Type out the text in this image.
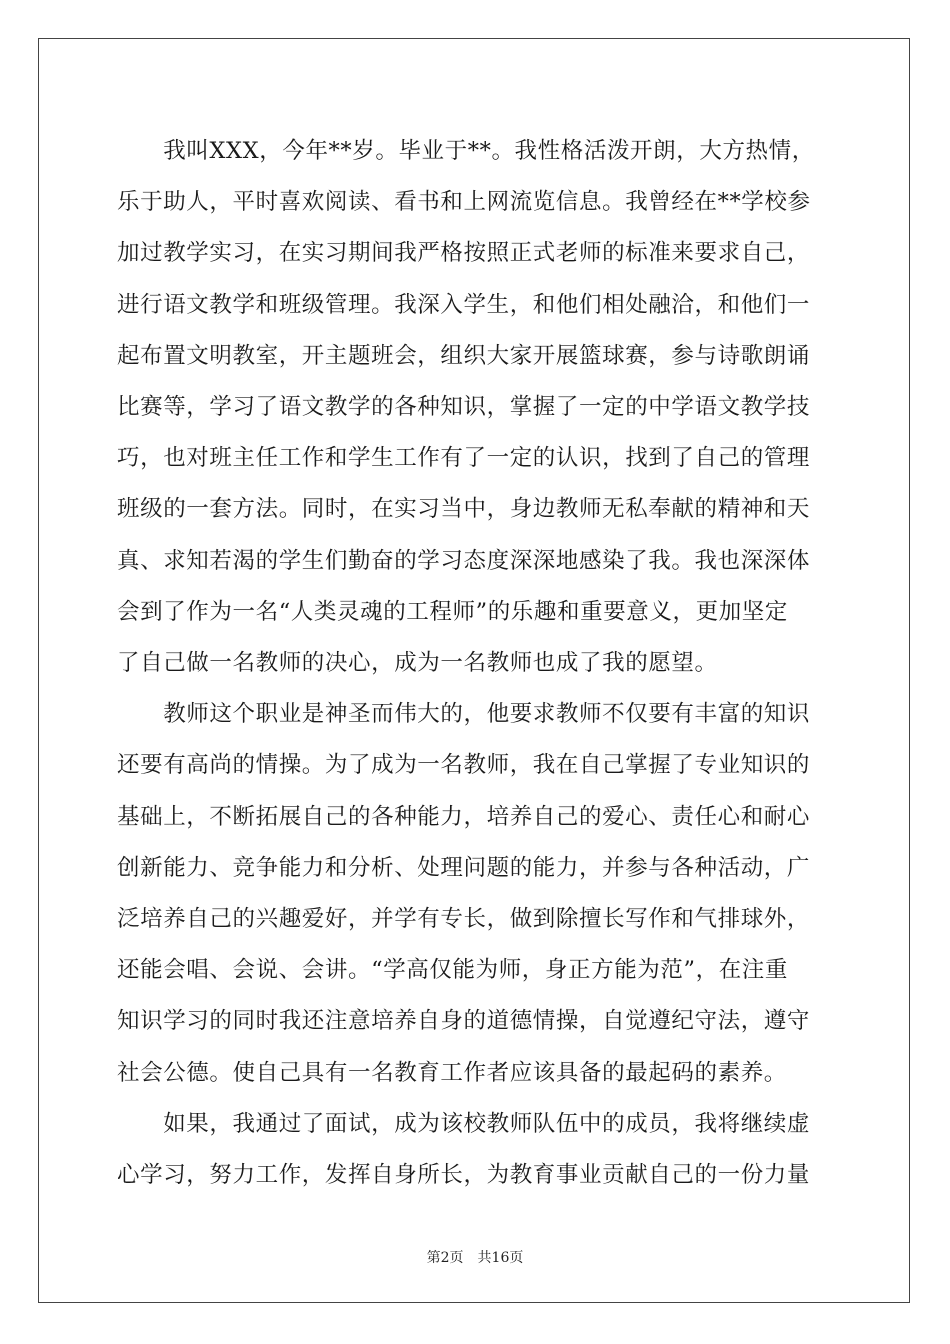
　　我叫XXX，今年**岁。毕业于**。我性格活泼开朗，大方热情，

乐于助人，平时喜欢阅读、看书和上网流览信息。我曾经在**学校参

加过教学实习，在实习期间我严格按照正式老师的标准来要求自己，

进行语文教学和班级管理。我深入学生，和他们相处融洽，和他们一

起布置文明教室，开主题班会，组织大家开展篮球赛，参与诗歌朗诵

比赛等，学习了语文教学的各种知识，掌握了一定的中学语文教学技

巧，也对班主任工作和学生工作有了一定的认识，找到了自己的管理

班级的一套方法。同时，在实习当中，身边教师无私奉献的精神和天

真、求知若渴的学生们勤奋的学习态度深深地感染了我。我也深深体

会到了作为一名“人类灵魂的工程师”的乐趣和重要意义，更加坚定

了自己做一名教师的决心，成为一名教师也成了我的愿望。

　　教师这个职业是神圣而伟大的，他要求教师不仅要有丰富的知识

还要有高尚的情操。为了成为一名教师，我在自己掌握了专业知识的

基础上，不断拓展自己的各种能力，培养自己的爱心、责任心和耐心

创新能力、竞争能力和分析、处理问题的能力，并参与各种活动，广

泛培养自己的兴趣爱好，并学有专长，做到除擅长写作和气排球外，

还能会唱、会说、会讲。“学高仅能为师，身正方能为范”，在注重

知识学习的同时我还注意培养自身的道德情操，自觉遵纪守法，遵守

社会公德。使自己具有一名教育工作者应该具备的最起码的素养。

　　如果，我通过了面试，成为该校教师队伍中的成员，我将继续虚

心学习，努力工作，发挥自身所长，为教育事业贡献自己的一份力量

第2页 共16页
